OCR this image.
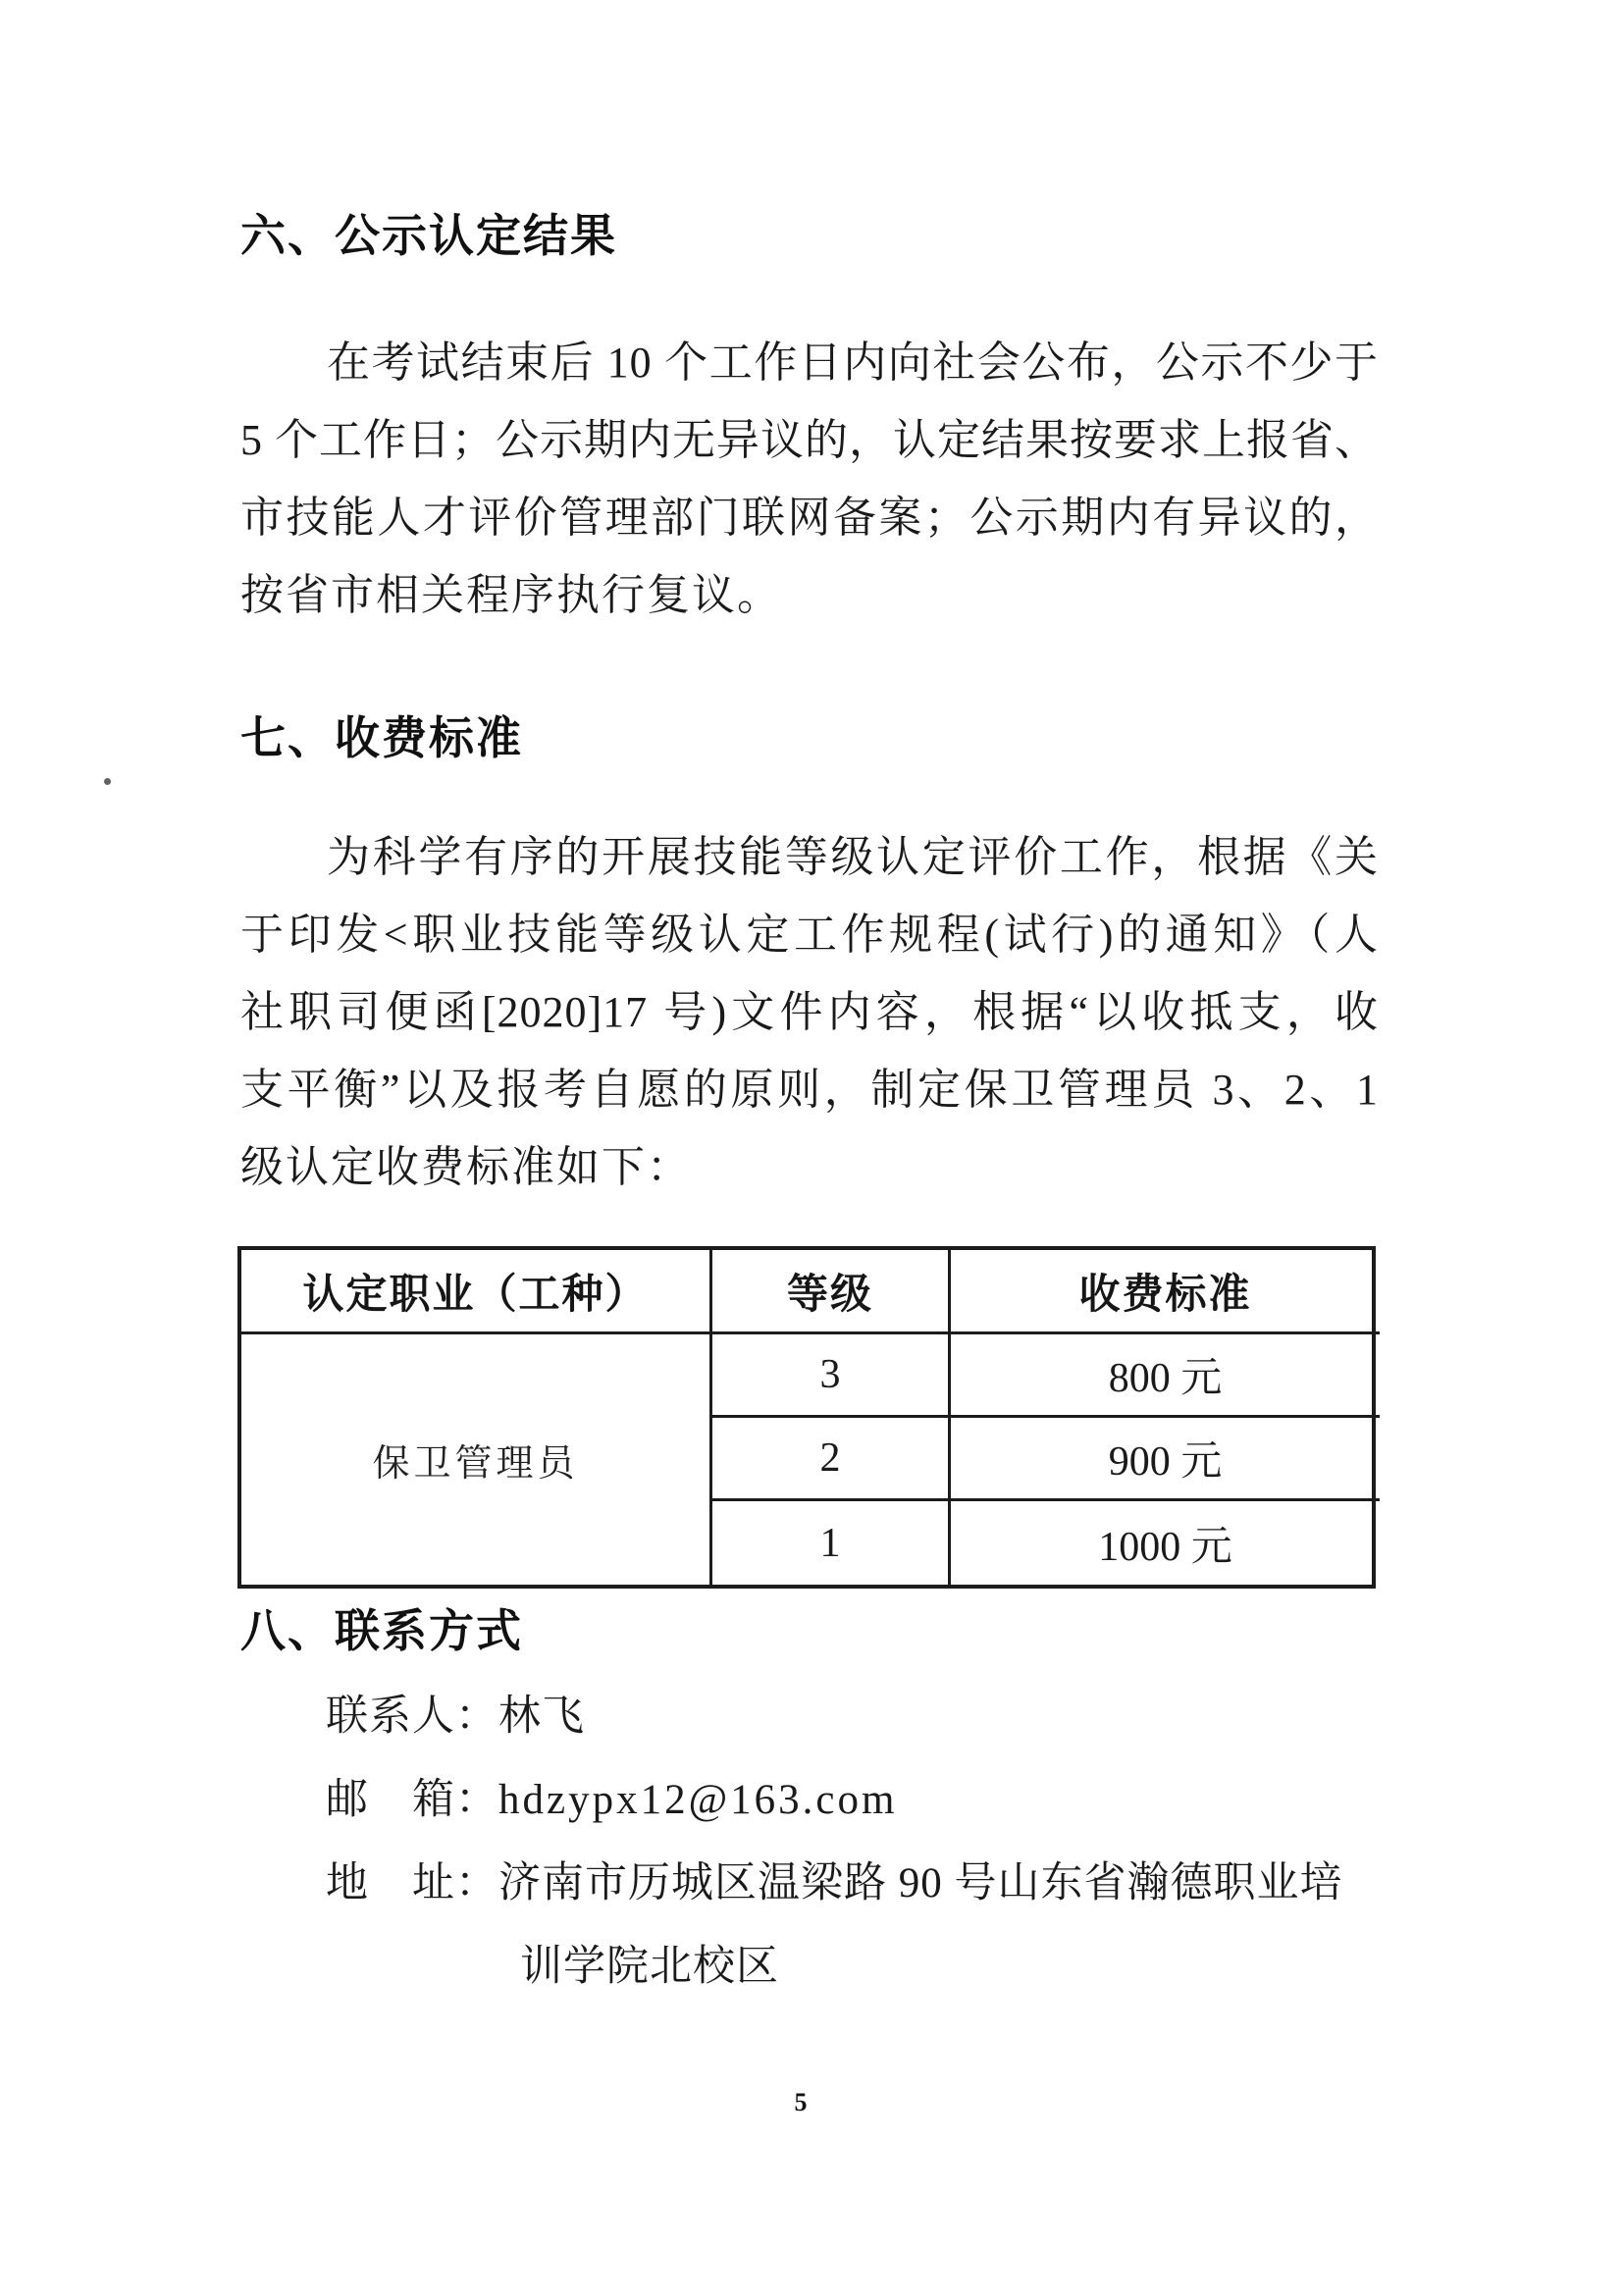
六、公示认定结果
在考试结束后 10 个工作日内向社会公布，公示不少于
5 个工作日；公示期内无异议的，认定结果按要求上报省、
市技能人才评价管理部门联网备案；公示期内有异议的，
按省市相关程序执行复议。
七、收费标准
为科学有序的开展技能等级认定评价工作，根据《关
于印发<职业技能等级认定工作规程(试行)的通知》（人
社职司便函[2020]17 号)文件内容，根据“以收抵支，收
支平衡”以及报考自愿的原则，制定保卫管理员 3、2、1
级认定收费标准如下：
认定职业（工种）	等级	收费标准
保卫管理员
3	800 元
2	900 元
1	1000 元
八、联系方式
联系人：林飞
邮　箱：hdzypx12@163.com
地　址：济南市历城区温梁路 90 号山东省瀚德职业培
训学院北校区
5
